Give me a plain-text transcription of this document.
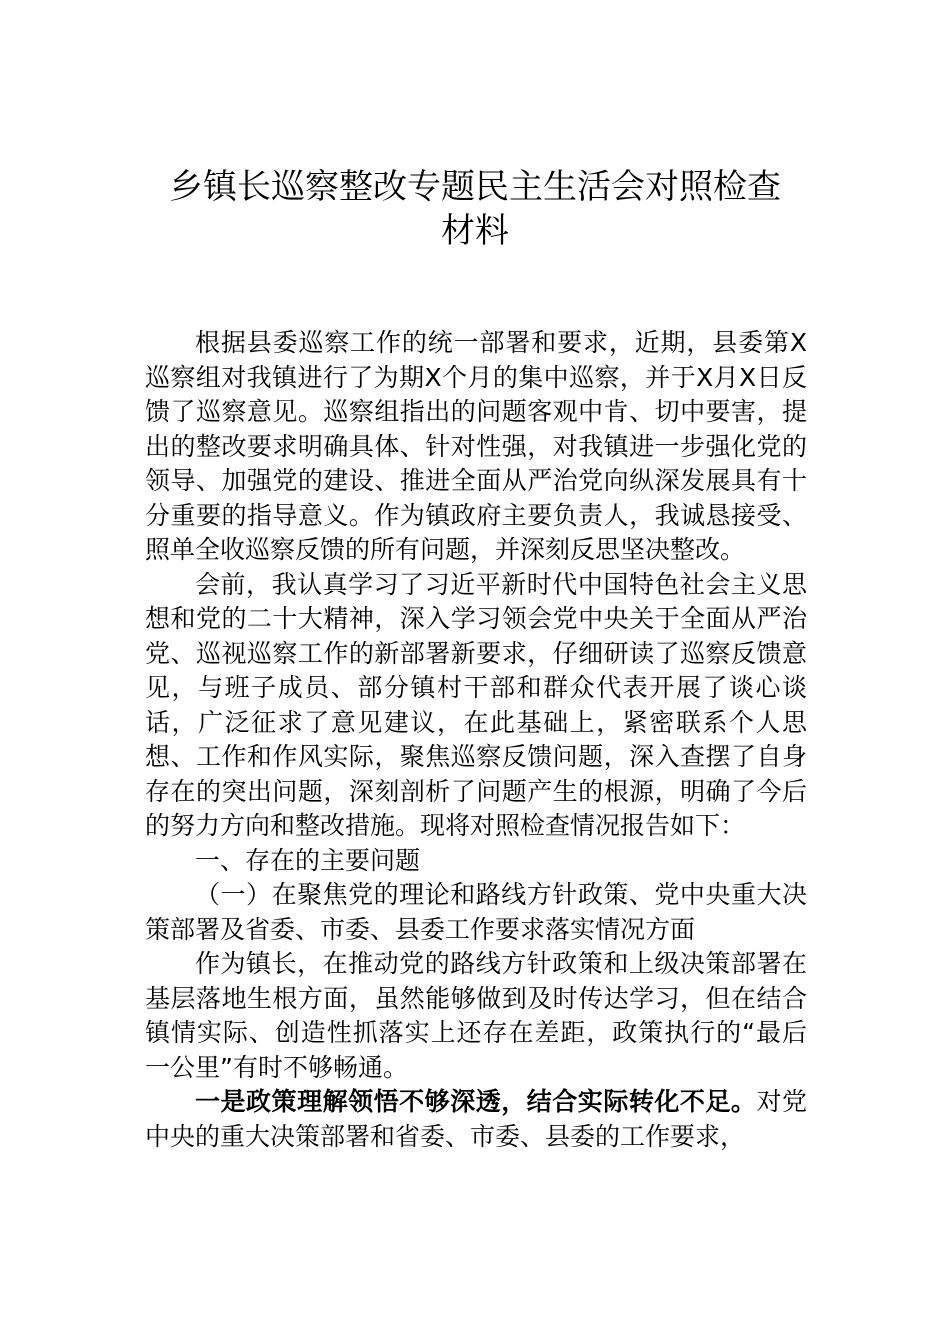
乡镇长巡察整改专题民主生活会对照检查
材料

根据县委巡察工作的统一部署和要求，近期，县委第X巡察组对我镇进行了为期X个月的集中巡察，并于X月X日反馈了巡察意见。巡察组指出的问题客观中肯、切中要害，提出的整改要求明确具体、针对性强，对我镇进一步强化党的领导、加强党的建设、推进全面从严治党向纵深发展具有十分重要的指导意义。作为镇政府主要负责人，我诚恳接受、照单全收巡察反馈的所有问题，并深刻反思坚决整改。

会前，我认真学习了习近平新时代中国特色社会主义思想和党的二十大精神，深入学习领会党中央关于全面从严治党、巡视巡察工作的新部署新要求，仔细研读了巡察反馈意见，与班子成员、部分镇村干部和群众代表开展了谈心谈话，广泛征求了意见建议，在此基础上，紧密联系个人思想、工作和作风实际，聚焦巡察反馈问题，深入查摆了自身存在的突出问题，深刻剖析了问题产生的根源，明确了今后的努力方向和整改措施。现将对照检查情况报告如下：

一、存在的主要问题

（一）在聚焦党的理论和路线方针政策、党中央重大决策部署及省委、市委、县委工作要求落实情况方面

作为镇长，在推动党的路线方针政策和上级决策部署在基层落地生根方面，虽然能够做到及时传达学习，但在结合镇情实际、创造性抓落实上还存在差距，政策执行的“最后一公里”有时不够畅通。

一是政策理解领悟不够深透，结合实际转化不足。对党中央的重大决策部署和省委、市委、县委的工作要求，
